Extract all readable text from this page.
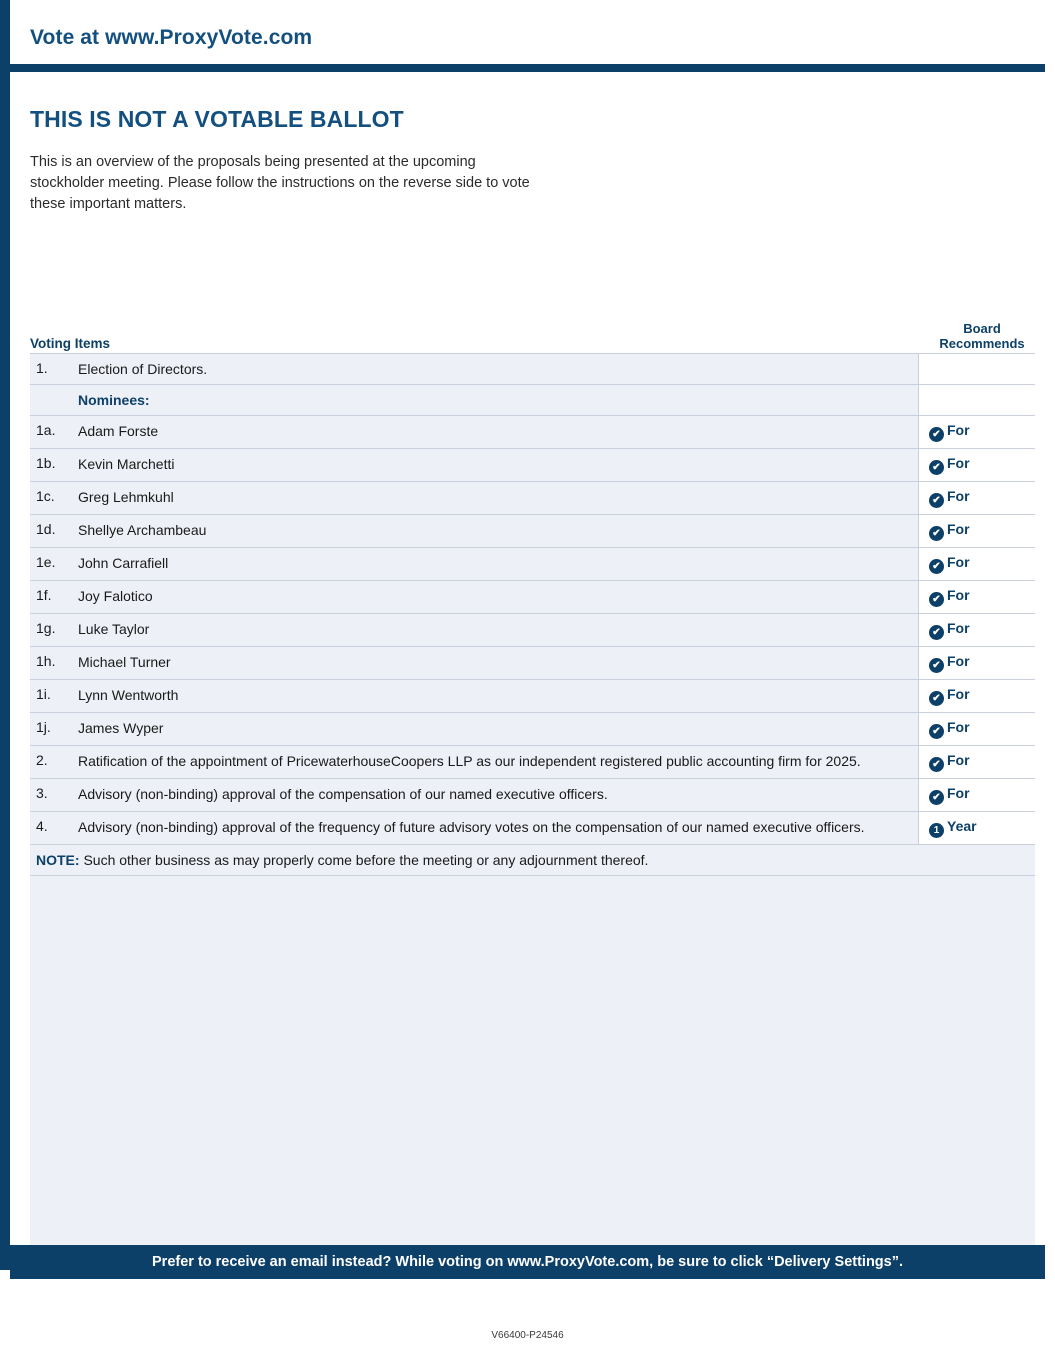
Vote at www.ProxyVote.com
THIS IS NOT A VOTABLE BALLOT
This is an overview of the proposals being presented at the upcoming stockholder meeting. Please follow the instructions on the reverse side to vote these important matters.
Voting Items
Board
Recommends
1.	Election of Directors.	
	Nominees:	
1a.	Adam Forste	✔ For
1b.	Kevin Marchetti	✔ For
1c.	Greg Lehmkuhl	✔ For
1d.	Shellye Archambeau	✔ For
1e.	John Carrafiell	✔ For
1f.	Joy Falotico	✔ For
1g.	Luke Taylor	✔ For
1h.	Michael Turner	✔ For
1i.	Lynn Wentworth	✔ For
1j.	James Wyper	✔ For
2.	Ratification of the appointment of PricewaterhouseCoopers LLP as our independent registered public accounting firm for 2025.	✔ For
3.	Advisory (non-binding) approval of the compensation of our named executive officers.	✔ For
4.	Advisory (non-binding) approval of the frequency of future advisory votes on the compensation of our named executive officers.	1 Year
NOTE: Such other business as may properly come before the meeting or any adjournment thereof.
Prefer to receive an email instead? While voting on www.ProxyVote.com, be sure to click “Delivery Settings”.
V66400-P24546
